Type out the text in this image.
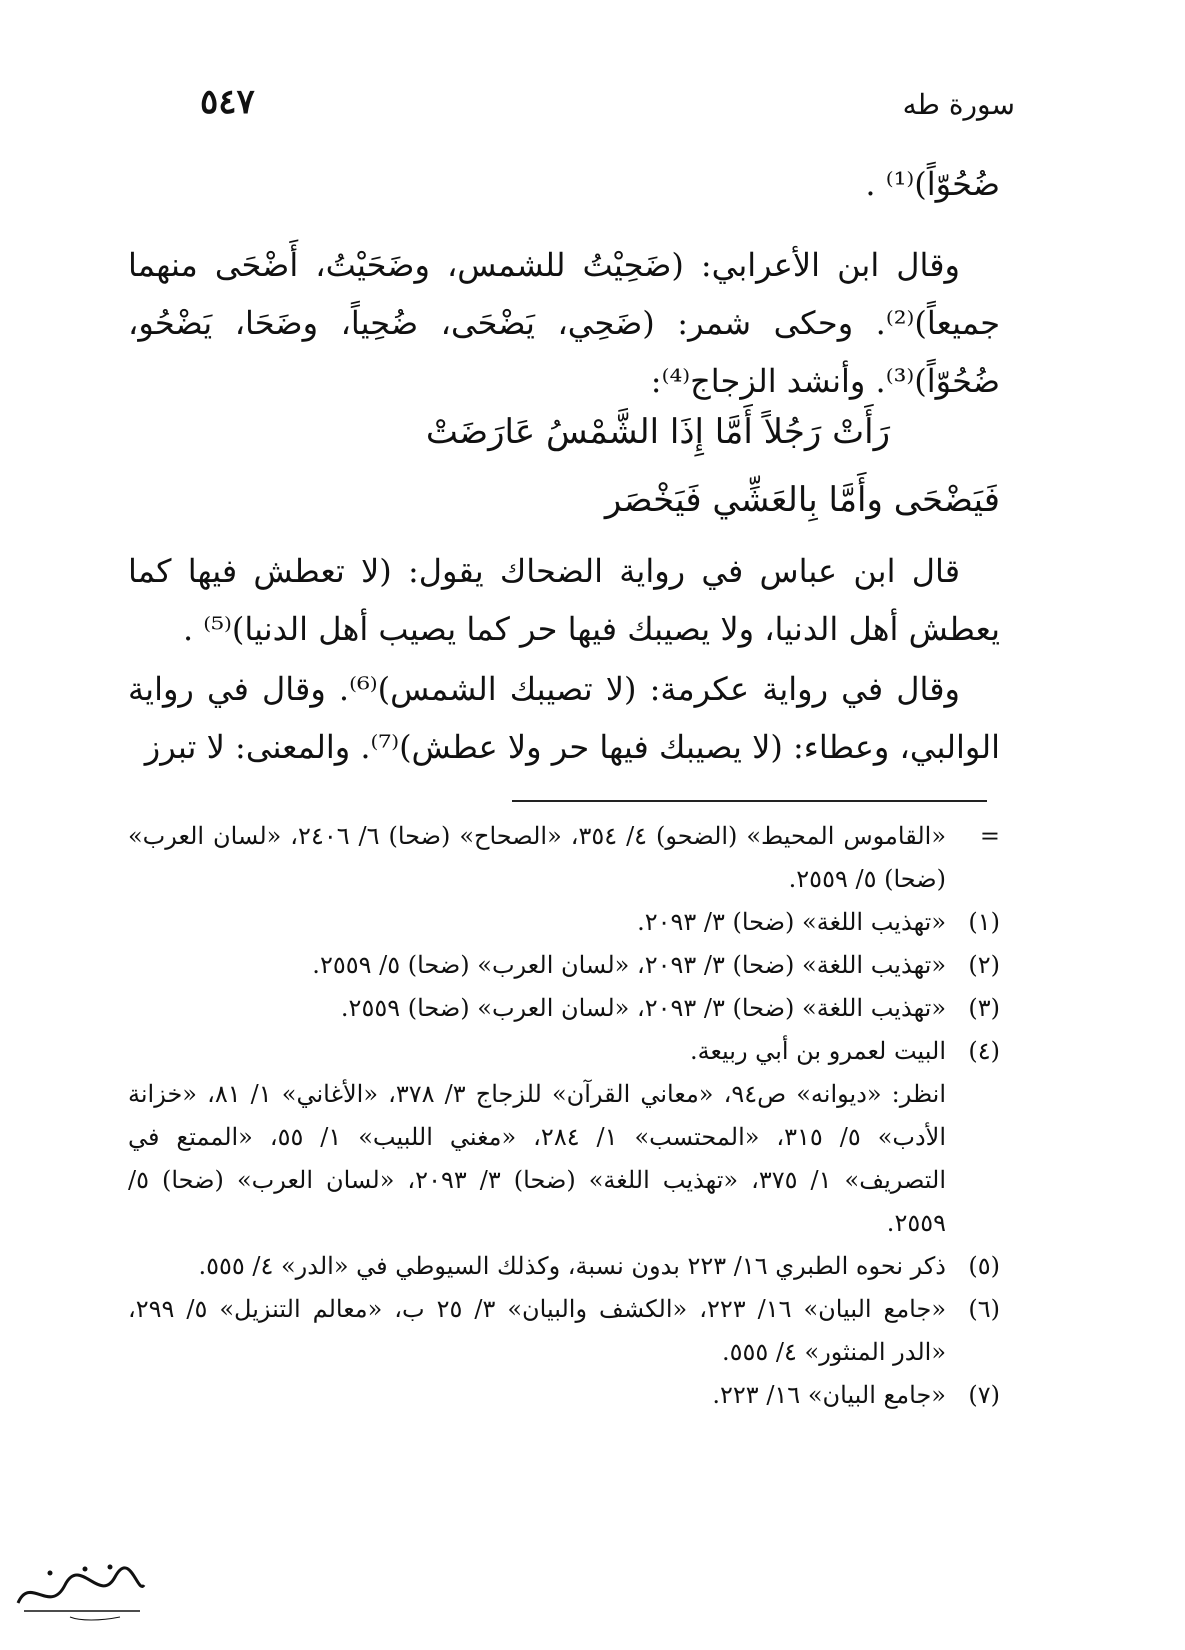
٥٤٧	سورة طه
ضُحُوّاً)⁽¹⁾ .
وقال ابن الأعرابي: (ضَحِيْتُ للشمس، وضَحَيْتُ، أَضْحَى منهما جميعاً)⁽²⁾. وحكى شمر: (ضَحِي، يَضْحَى، ضُحِياً، وضَحَا، يَضْحُو، ضُحُوّاً)⁽³⁾. وأنشد الزجاج⁽⁴⁾:
رَأَتْ رَجُلاً أَمَّا إِذَا الشَّمْسُ عَارَضَتْ
فَيَضْحَى وأَمَّا بِالعَشِّي فَيَخْصَر
قال ابن عباس في رواية الضحاك يقول: (لا تعطش فيها كما يعطش أهل الدنيا، ولا يصيبك فيها حر كما يصيب أهل الدنيا)⁽⁵⁾ .
وقال في رواية عكرمة: (لا تصيبك الشمس)⁽⁶⁾. وقال في رواية الوالبي، وعطاء: (لا يصيبك فيها حر ولا عطش)⁽⁷⁾. والمعنى: لا تبرز
=
«القاموس المحيط» (الضحو) ٤/ ٣٥٤، «الصحاح» (ضحا) ٦/ ٢٤٠٦، «لسان العرب» (ضحا) ٥/ ٢٥٥٩.
(١)
«تهذيب اللغة» (ضحا) ٣/ ٢٠٩٣.
(٢)
«تهذيب اللغة» (ضحا) ٣/ ٢٠٩٣، «لسان العرب» (ضحا) ٥/ ٢٥٥٩.
(٣)
«تهذيب اللغة» (ضحا) ٣/ ٢٠٩٣، «لسان العرب» (ضحا) ٢٥٥٩.
(٤)
البيت لعمرو بن أبي ربيعة.
انظر: «ديوانه» ص٩٤، «معاني القرآن» للزجاج ٣/ ٣٧٨، «الأغاني» ١/ ٨١، «خزانة الأدب» ٥/ ٣١٥، «المحتسب» ١/ ٢٨٤، «مغني اللبيب» ١/ ٥٥، «الممتع في التصريف» ١/ ٣٧٥، «تهذيب اللغة» (ضحا) ٣/ ٢٠٩٣، «لسان العرب» (ضحا) ٥/ ٢٥٥٩.
(٥)
ذكر نحوه الطبري ١٦/ ٢٢٣ بدون نسبة، وكذلك السيوطي في «الدر» ٤/ ٥٥٥.
(٦)
«جامع البيان» ١٦/ ٢٢٣، «الكشف والبيان» ٣/ ٢٥ ب، «معالم التنزيل» ٥/ ٢٩٩، «الدر المنثور» ٤/ ٥٥٥.
(٧)
«جامع البيان» ١٦/ ٢٢٣.
